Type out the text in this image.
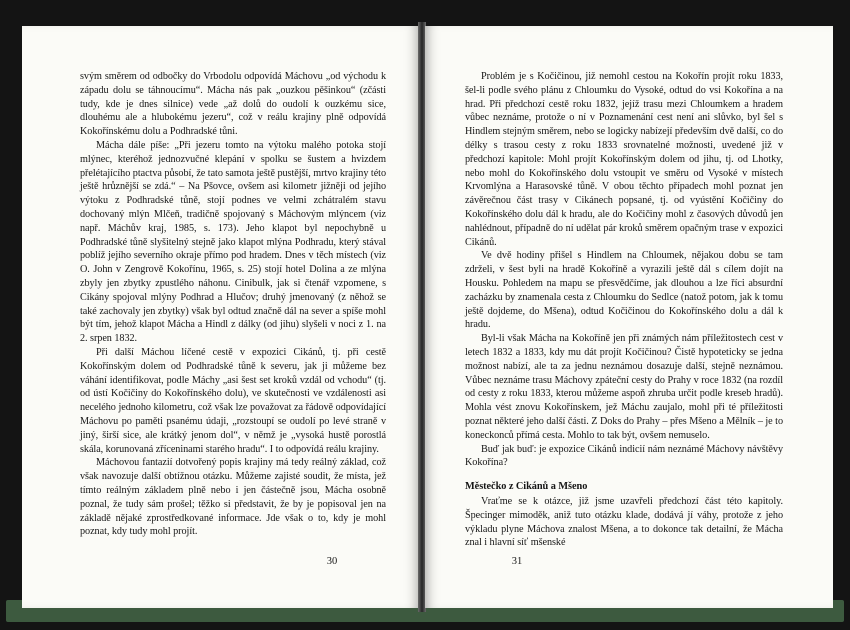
svým směrem od odbočky do Vrbodolu odpovídá Máchovu „od východu k západu dolu se táhnoucímu“. Mácha nás pak „ouzkou pěšinkou“ (zčásti tudy, kde je dnes silnice) vede „až dolů do oudolí k ouzkému sice, dlouhému ale a hlubokému jezeru“, což v reálu krajiny plně odpovídá Kokořínskému dolu a Podhradské tůni.

Mácha dále píše: „Při jezeru tomto na výtoku malého potoka stojí mlýnec, kteréhož jednozvučné klepání v spolku se šustem a hvizdem přelétajícího ptactva působí, že tato samota ještě pustější, mrtvo krajiny této ještě hrůznější se zdá.“ – Na Pšovce, ovšem asi kilometr jižněji od jejího výtoku z Podhradské tůně, stojí podnes ve velmi zchátralém stavu dochovaný mlýn Mlčeň, tradičně spojovaný s Máchovým mlýncem (viz např. Máchův kraj, 1985, s. 173). Jeho klapot byl nepochybně u Podhradské tůně slyšitelný stejně jako klapot mlýna Podhradu, který stával poblíž jejího severního okraje přímo pod hradem. Dnes v těch místech (viz O. John v Zengrově Kokořínu, 1965, s. 25) stojí hotel Dolina a ze mlýna zbyly jen zbytky zpustlého náhonu. Cinibulk, jak si čtenář vzpomene, s Cikány spojoval mlýny Podhrad a Hlučov; druhý jmenovaný (z něhož se také zachovaly jen zbytky) však byl odtud značně dál na sever a spíše mohl být tím, jehož klapot Mácha a Hindl z dálky (od jihu) slyšeli v noci z 1. na 2. srpen 1832.

Při další Máchou líčené cestě v expozici Cikánů, tj. při cestě Kokořínským dolem od Podhradské tůně k severu, jak ji můžeme bez váhání identifikovat, podle Máchy „asi šest set kroků vzdál od vchodu“ (tj. od ústí Kočičiny do Kokořínského dolu), ve skutečnosti ve vzdálenosti asi necelého jednoho kilometru, což však lze považovat za řádově odpovídající Máchovu po paměti psanému údaji, „rozstoupí se oudolí po levé straně v jiný, širší sice, ale krátký jenom dol“, v němž je „vysoká hustě porostlá skála, korunovaná zříceninami starého hradu“. I to odpovídá reálu krajiny.

Máchovou fantazií dotvořený popis krajiny má tedy reálný základ, což však navozuje další obtížnou otázku. Můžeme zajisté soudit, že místa, jež tímto reálným základem plně nebo i jen částečně jsou, Mácha osobně poznal, že tudy sám prošel; těžko si představit, že by je popisoval jen na základě nějaké zprostředkované informace. Jde však o to, kdy je mohl poznat, kdy tudy mohl projít.

30

Problém je s Kočičinou, již nemohl cestou na Kokořín projít roku 1833, šel-li podle svého plánu z Chloumku do Vysoké, odtud do vsi Kokořína a na hrad. Při předchozí cestě roku 1832, jejíž trasu mezi Chloumkem a hradem vůbec neznáme, protože o ní v Poznamenání cest není ani slůvko, byl šel s Hindlem stejným směrem, nebo se logicky nabízejí především dvě další, co do délky s trasou cesty z roku 1833 srovnatelné možnosti, uvedené již v předchozí kapitole: Mohl projít Kokořínským dolem od jihu, tj. od Lhotky, nebo mohl do Kokořínského dolu vstoupit ve směru od Vysoké v místech Krvomlýna a Harasovské tůně. V obou těchto případech mohl poznat jen závěrečnou část trasy v Cikánech popsané, tj. od vyústění Kočičiny do Kokořínského dolu dál k hradu, ale do Kočičiny mohl z časových důvodů jen nahlédnout, případně do ní udělat pár kroků směrem opačným trase v expozici Cikánů.

Ve dvě hodiny přišel s Hindlem na Chloumek, nějakou dobu se tam zdrželi, v šest byli na hradě Kokoříně a vyrazili ještě dál s cílem dojít na Housku. Pohledem na mapu se přesvědčíme, jak dlouhou a lze říci absurdní zacházku by znamenala cesta z Chloumku do Sedlce (natož potom, jak k tomu ještě dojdeme, do Mšena), odtud Kočičinou do Kokořínského dolu a dál k hradu.

Byl-li však Mácha na Kokoříně jen při známých nám příležitostech cest v letech 1832 a 1833, kdy mu dát projít Kočičinou? Čistě hypoteticky se jedna možnost nabízí, ale ta za jednu neznámou dosazuje další, stejně neznámou. Vůbec neznáme trasu Máchovy zpáteční cesty do Prahy v roce 1832 (na rozdíl od cesty z roku 1833, kterou můžeme aspoň zhruba určit podle kreseb hradů). Mohla vést znovu Kokořínskem, jež Máchu zaujalo, mohl při té příležitosti poznat některé jeho další části. Z Doks do Prahy – přes Mšeno a Mělník – je to koneckonců přímá cesta. Mohlo to tak být, ovšem nemuselo.

Buď jak buď: je expozice Cikánů indicií nám neznámé Máchovy návštěvy Kokořína?

Městečko z Cikánů a Mšeno

Vraťme se k otázce, již jsme uzavřeli předchozí část této kapitoly. Špecinger mimoděk, aniž tuto otázku klade, dodává jí váhy, protože z jeho výkladu plyne Máchova znalost Mšena, a to dokonce tak detailní, že Mácha znal i hlavní síť mšenské

31
